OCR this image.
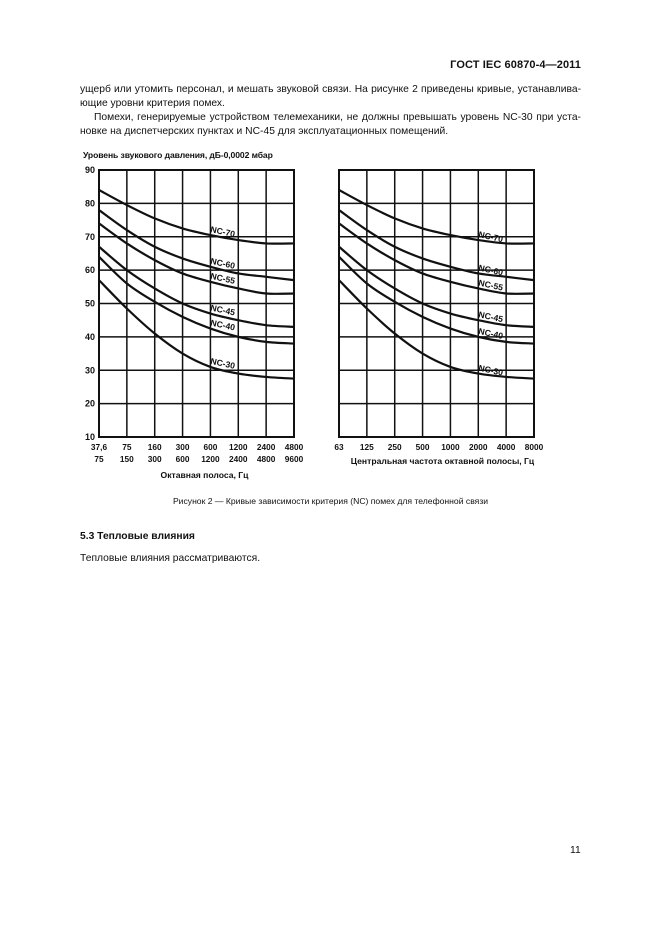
ГОСТ IEC 60870-4—2011
ущерб или утомить персонал, и мешать звуковой связи. На рисунке 2 приведены кривые, устанавлива-ющие уровни критерия помех.
Помехи, генерируемые устройством телемеханики, не должны превышать уровень NC-30 при уста-новке на диспетчерских пунктах и NC-45 для эксплуатационных помещений.
Уровень звукового давления, дБ-0,0002 мбар
NC-70
NC-60
NC-55
NC-45
NC-40
NC-30
NC-70
NC-60
NC-55
NC-45
NC-40
NC-30
90
80
70
60
50
40
30
20
10
37,6 75 160 300 600 1200 2400 4800
75 150 300 600 1200 2400 4800 9600
Октавная полоса, Гц
63 125 250 500 1000 2000 4000 8000
Центральная частота октавной полосы, Гц
Рисунок 2 — Кривые зависимости критерия (NC) помех для телефонной связи
5.3 Тепловые влияния
Тепловые влияния рассматриваются.
11
